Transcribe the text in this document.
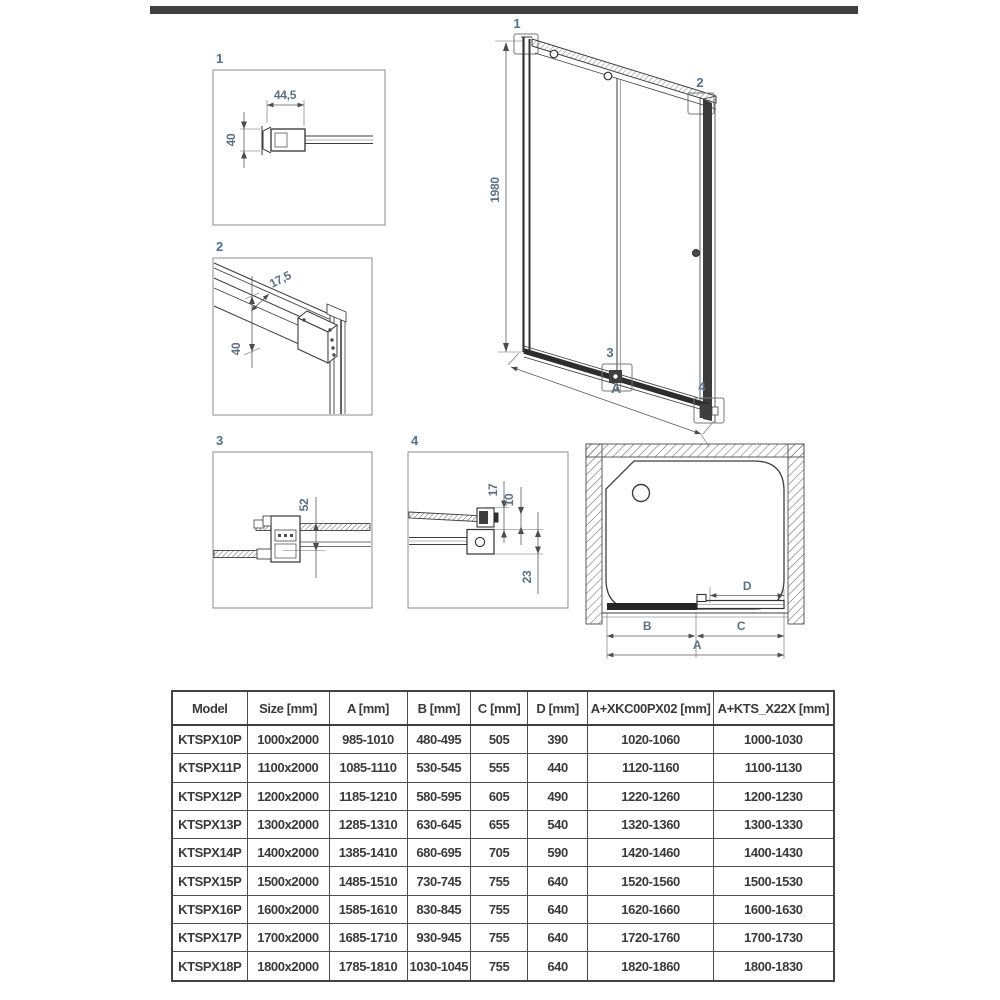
1
44,5
40
2
17,5
40
3
52
4
17
10
23
1
2
3
4
1980
A
D
B	C
A
Model	Size [mm]	A [mm]	B [mm]	C [mm]	D [mm]	A+XKC00PX02 [mm]	A+KTS_X22X [mm]
KTSPX10P	1000x2000	985-1010	480-495	505	390	1020-1060	1000-1030
KTSPX11P	1100x2000	1085-1110	530-545	555	440	1120-1160	1100-1130
KTSPX12P	1200x2000	1185-1210	580-595	605	490	1220-1260	1200-1230
KTSPX13P	1300x2000	1285-1310	630-645	655	540	1320-1360	1300-1330
KTSPX14P	1400x2000	1385-1410	680-695	705	590	1420-1460	1400-1430
KTSPX15P	1500x2000	1485-1510	730-745	755	640	1520-1560	1500-1530
KTSPX16P	1600x2000	1585-1610	830-845	755	640	1620-1660	1600-1630
KTSPX17P	1700x2000	1685-1710	930-945	755	640	1720-1760	1700-1730
KTSPX18P	1800x2000	1785-1810	1030-1045	755	640	1820-1860	1800-1830
